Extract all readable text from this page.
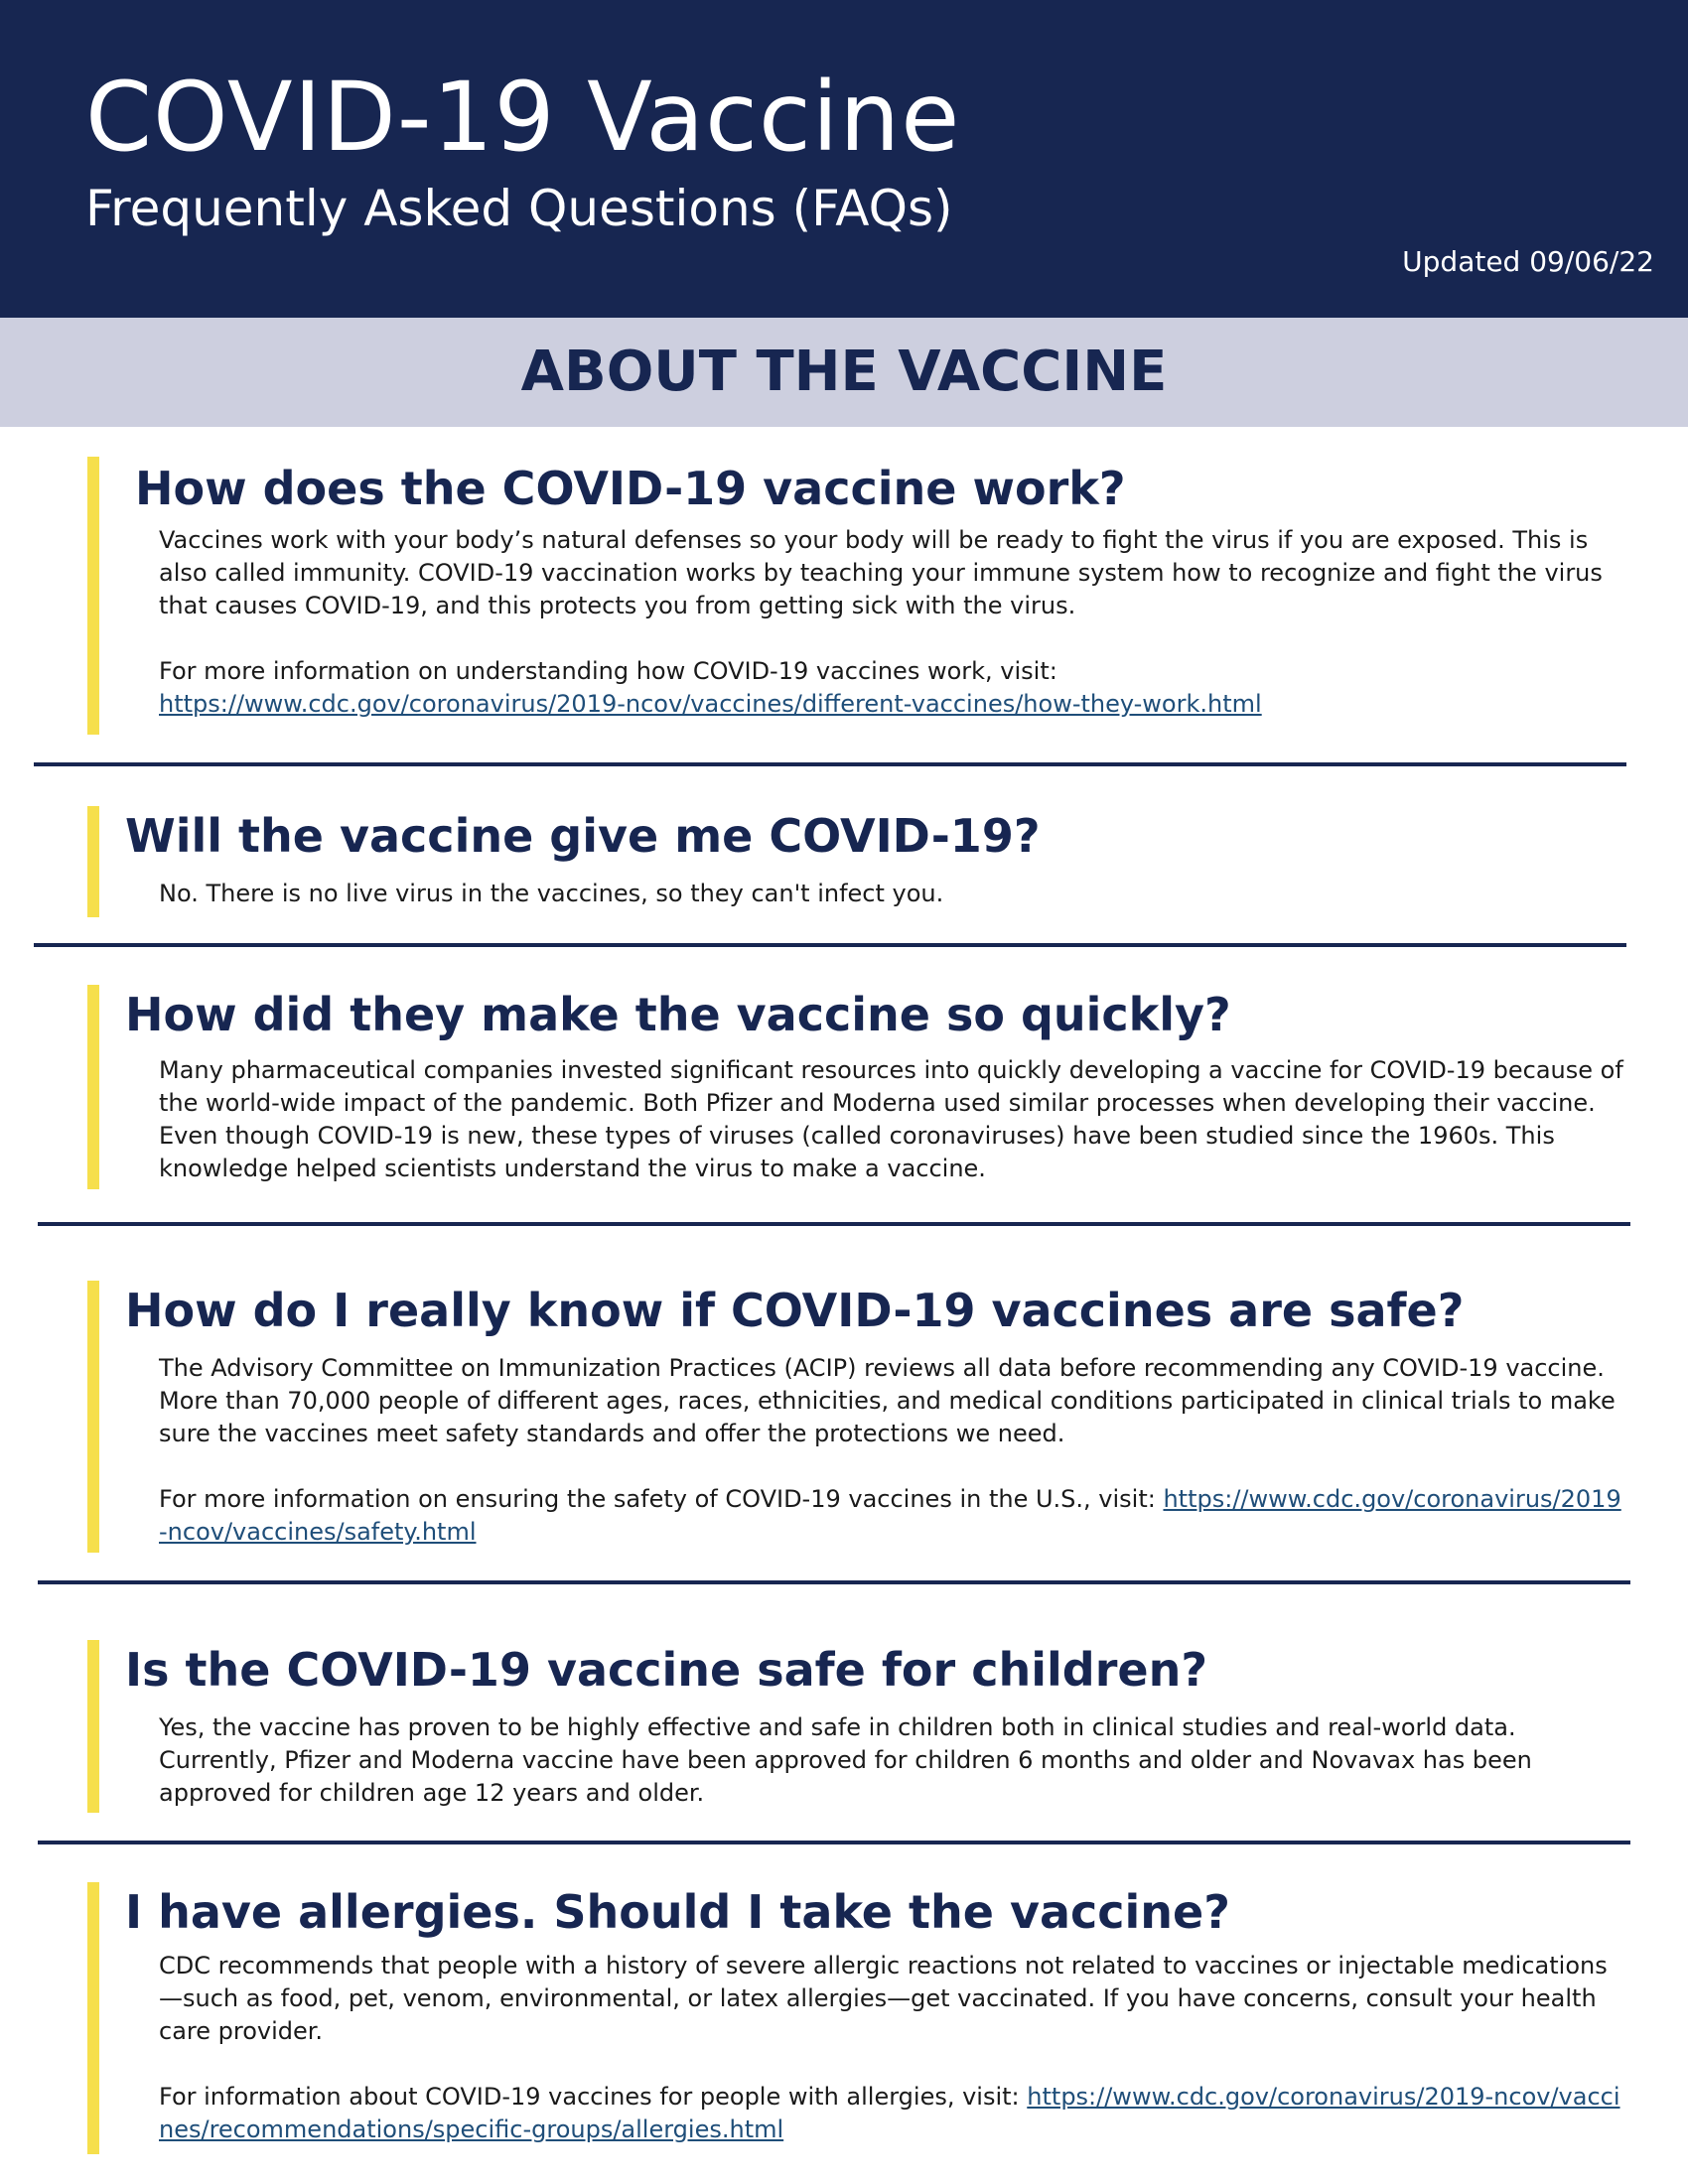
COVID-19 Vaccine
Frequently Asked Questions (FAQs)
Updated 09/06/22
ABOUT THE VACCINE
How does the COVID-19 vaccine work?

Vaccines work with your body’s natural defenses so your body will be ready to fight the virus if you are exposed. This is also called immunity. COVID-19 vaccination works by teaching your immune system how to recognize and fight the virus that causes COVID-19, and this protects you from getting sick with the virus.

For more information on understanding how COVID-19 vaccines work, visit:
https://www.cdc.gov/coronavirus/2019-ncov/vaccines/different-vaccines/how-they-work.html

Will the vaccine give me COVID-19?

No. There is no live virus in the vaccines, so they can't infect you.

How did they make the vaccine so quickly?

Many pharmaceutical companies invested significant resources into quickly developing a vaccine for COVID-19 because of the world-wide impact of the pandemic. Both Pfizer and Moderna used similar processes when developing their vaccine. Even though COVID-19 is new, these types of viruses (called coronaviruses) have been studied since the 1960s. This knowledge helped scientists understand the virus to make a vaccine.

How do I really know if COVID-19 vaccines are safe?

The Advisory Committee on Immunization Practices (ACIP) reviews all data before recommending any COVID-19 vaccine. More than 70,000 people of different ages, races, ethnicities, and medical conditions participated in clinical trials to make sure the vaccines meet safety standards and offer the protections we need.

For more information on ensuring the safety of COVID-19 vaccines in the U.S., visit: https://www.cdc.gov/coronavirus/2019-ncov/vaccines/safety.html

Is the COVID-19 vaccine safe for children?

Yes, the vaccine has proven to be highly effective and safe in children both in clinical studies and real-world data. Currently, Pfizer and Moderna vaccine have been approved for children 6 months and older and Novavax has been approved for children age 12 years and older.

I have allergies. Should I take the vaccine?

CDC recommends that people with a history of severe allergic reactions not related to vaccines or injectable medications—such as food, pet, venom, environmental, or latex allergies—get vaccinated. If you have concerns, consult your health care provider.

For information about COVID-19 vaccines for people with allergies, visit: https://www.cdc.gov/coronavirus/2019-ncov/vaccines/recommendations/specific-groups/allergies.html
